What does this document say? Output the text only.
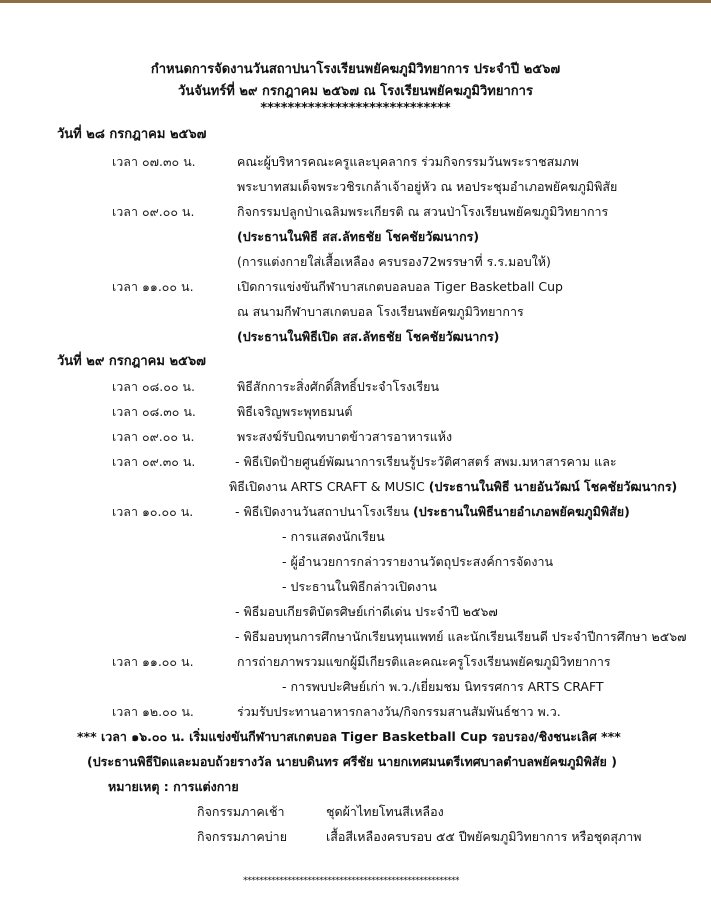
กำหนดการจัดงานวันสถาปนาโรงเรียนพยัคฆภูมิวิทยาการ ประจำปี ๒๕๖๗
วันจันทร์ที่ ๒๙ กรกฎาคม ๒๕๖๗ ณ โรงเรียนพยัคฆภูมิวิทยาการ
****************************
วันที่ ๒๘ กรกฎาคม ๒๕๖๗
เวลา ๐๗.๓๐ น.	คณะผู้บริหารคณะครูและบุคลากร ร่วมกิจกรรมวันพระราชสมภพ
พระบาทสมเด็จพระวชิรเกล้าเจ้าอยู่หัว ณ หอประชุมอำเภอพยัคฆภูมิพิสัย
เวลา ๐๙.๐๐ น.	กิจกรรมปลูกป่าเฉลิมพระเกียรติ ณ สวนป่าโรงเรียนพยัคฆภูมิวิทยาการ
(ประธานในพิธี สส.ลัทธชัย โชคชัยวัฒนากร)
(การแต่งกายใส่เสื้อเหลือง ครบรอง72พรรษาที่ ร.ร.มอบให้)
เวลา ๑๑.๐๐ น.	เปิดการแข่งขันกีฬาบาสเกตบอลบอล Tiger Basketball Cup
ณ สนามกีฬาบาสเกตบอล โรงเรียนพยัคฆภูมิวิทยาการ
(ประธานในพิธีเปิด สส.ลัทธชัย โชคชัยวัฒนากร)
วันที่ ๒๙ กรกฎาคม ๒๕๖๗
เวลา ๐๘.๐๐ น.	พิธีสักการะสิ่งศักดิ์สิทธิ์ประจำโรงเรียน
เวลา ๐๘.๓๐ น.	พิธีเจริญพระพุทธมนต์
เวลา ๐๙.๐๐ น.	พระสงฆ์รับบิณฑบาตข้าวสารอาหารแห้ง
เวลา ๐๙.๓๐ น.	- พิธีเปิดป้ายศูนย์พัฒนาการเรียนรู้ประวัติศาสตร์ สพม.มหาสารคาม และ
พิธีเปิดงาน ARTS CRAFT & MUSIC (ประธานในพิธี นายอันวัฒน์ โชคชัยวัฒนากร)
เวลา ๑๐.๐๐ น.	- พิธีเปิดงานวันสถาปนาโรงเรียน (ประธานในพิธีนายอำเภอพยัคฆภูมิพิสัย)
- การแสดงนักเรียน
- ผู้อำนวยการกล่าวรายงานวัตถุประสงค์การจัดงาน
- ประธานในพิธีกล่าวเปิดงาน
- พิธีมอบเกียรติบัตรศิษย์เก่าดีเด่น ประจำปี ๒๕๖๗
- พิธีมอบทุนการศึกษานักเรียนทุนแพทย์ และนักเรียนเรียนดี ประจำปีการศึกษา ๒๕๖๗
เวลา ๑๑.๐๐ น.	การถ่ายภาพรวมแขกผู้มีเกียรติและคณะครูโรงเรียนพยัคฆภูมิวิทยาการ
- การพบปะศิษย์เก่า พ.ว./เยี่ยมชม นิทรรศการ ARTS CRAFT
เวลา ๑๒.๐๐ น.	ร่วมรับประทานอาหารกลางวัน/กิจกรรมสานสัมพันธ์ชาว พ.ว.
*** เวลา ๑๖.๐๐ น. เริ่มแข่งขันกีฬาบาสเกตบอล Tiger Basketball Cup รอบรอง/ชิงชนะเลิศ ***
(ประธานพิธีปิดและมอบถ้วยรางวัล นายบดินทร ศรีชัย นายกเทศมนตรีเทศบาลตำบลพยัคฆภูมิพิสัย )
หมายเหตุ : การแต่งกาย
กิจกรรมภาคเช้า	ชุดผ้าไทยโทนสีเหลือง
กิจกรรมภาคบ่าย	เสื้อสีเหลืองครบรอบ ๕๕ ปีพยัคฆภูมิวิทยาการ หรือชุดสุภาพ
******************************************************
